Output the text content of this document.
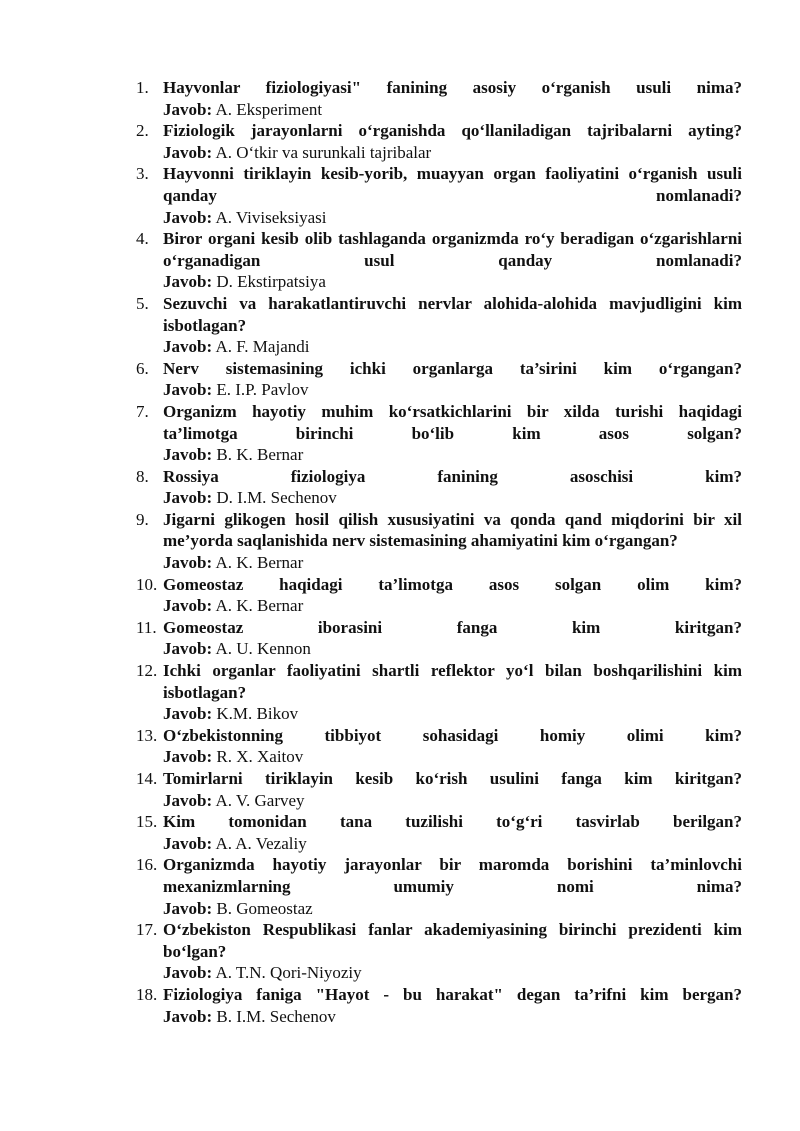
1. Hayvonlar fiziologiyasi" fanining asosiy o‘rganish usuli nima?
Javob: A. Eksperiment
2. Fiziologik jarayonlarni o‘rganishda qo‘llaniladigan tajribalarni ayting?
Javob: A. O‘tkir va surunkali tajribalar
3. Hayvonni tiriklayin kesib-yorib, muayyan organ faoliyatini o‘rganish usuli qanday nomlanadi?
Javob: A. Viviseksiyasi
4. Biror organi kesib olib tashlaganda organizmda ro‘y beradigan o‘zgarishlarni o‘rganadigan usul qanday nomlanadi?
Javob: D. Ekstirpatsiya
5. Sezuvchi va harakatlantiruvchi nervlar alohida-alohida mavjudligini kim isbotlagan?
Javob: A. F. Majandi
6. Nerv sistemasining ichki organlarga ta’sirini kim o‘rgangan?
Javob: E. I.P. Pavlov
7. Organizm hayotiy muhim ko‘rsatkichlarini bir xilda turishi haqidagi ta’limotga birinchi bo‘lib kim asos solgan?
Javob: B. K. Bernar
8. Rossiya fiziologiya fanining asoschisi kim?
Javob: D. I.M. Sechenov
9. Jigarni glikogen hosil qilish xususiyatini va qonda qand miqdorini bir xil me’yorda saqlanishida nerv sistemasining ahamiyatini kim o‘rgangan?
Javob: A. K. Bernar
10. Gomeostaz haqidagi ta’limotga asos solgan olim kim?
Javob: A. K. Bernar
11. Gomeostaz iborasini fanga kim kiritgan?
Javob: A. U. Kennon
12. Ichki organlar faoliyatini shartli reflektor yo‘l bilan boshqarilishini kim isbotlagan?
Javob: K.M. Bikov
13. O‘zbekistonning tibbiyot sohasidagi homiy olimi kim?
Javob: R. X. Xaitov
14. Tomirlarni tiriklayin kesib ko‘rish usulini fanga kim kiritgan?
Javob: A. V. Garvey
15. Kim tomonidan tana tuzilishi to‘g‘ri tasvirlab berilgan?
Javob: A. A. Vezaliy
16. Organizmda hayotiy jarayonlar bir maromda borishini ta’minlovchi mexanizmlarning umumiy nomi nima?
Javob: B. Gomeostaz
17. O‘zbekiston Respublikasi fanlar akademiyasining birinchi prezidenti kim bo‘lgan?
Javob: A. T.N. Qori-Niyoziy
18. Fiziologiya faniga "Hayot - bu harakat" degan ta’rifni kim bergan?
Javob: B. I.M. Sechenov
